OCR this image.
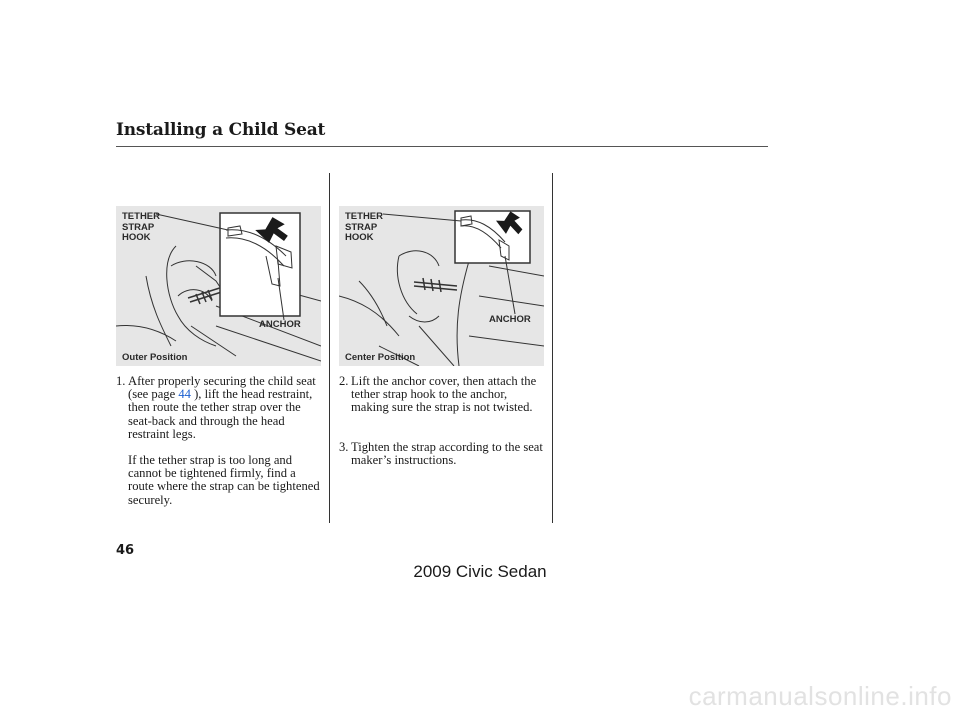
Installing a Child Seat
TETHER
STRAP
HOOK
ANCHOR
Outer Position
TETHER
STRAP
HOOK
ANCHOR
Center Position
1. After properly securing the child seat (see page 44 ), lift the head restraint, then route the tether strap over the seat-back and through the head restraint legs.
If the tether strap is too long and cannot be tightened firmly, find a route where the strap can be tightened securely.
2. Lift the anchor cover, then attach the tether strap hook to the anchor, making sure the strap is not twisted.
3. Tighten the strap according to the seat maker’s instructions.
46
2009 Civic Sedan
carmanualsonline.info
